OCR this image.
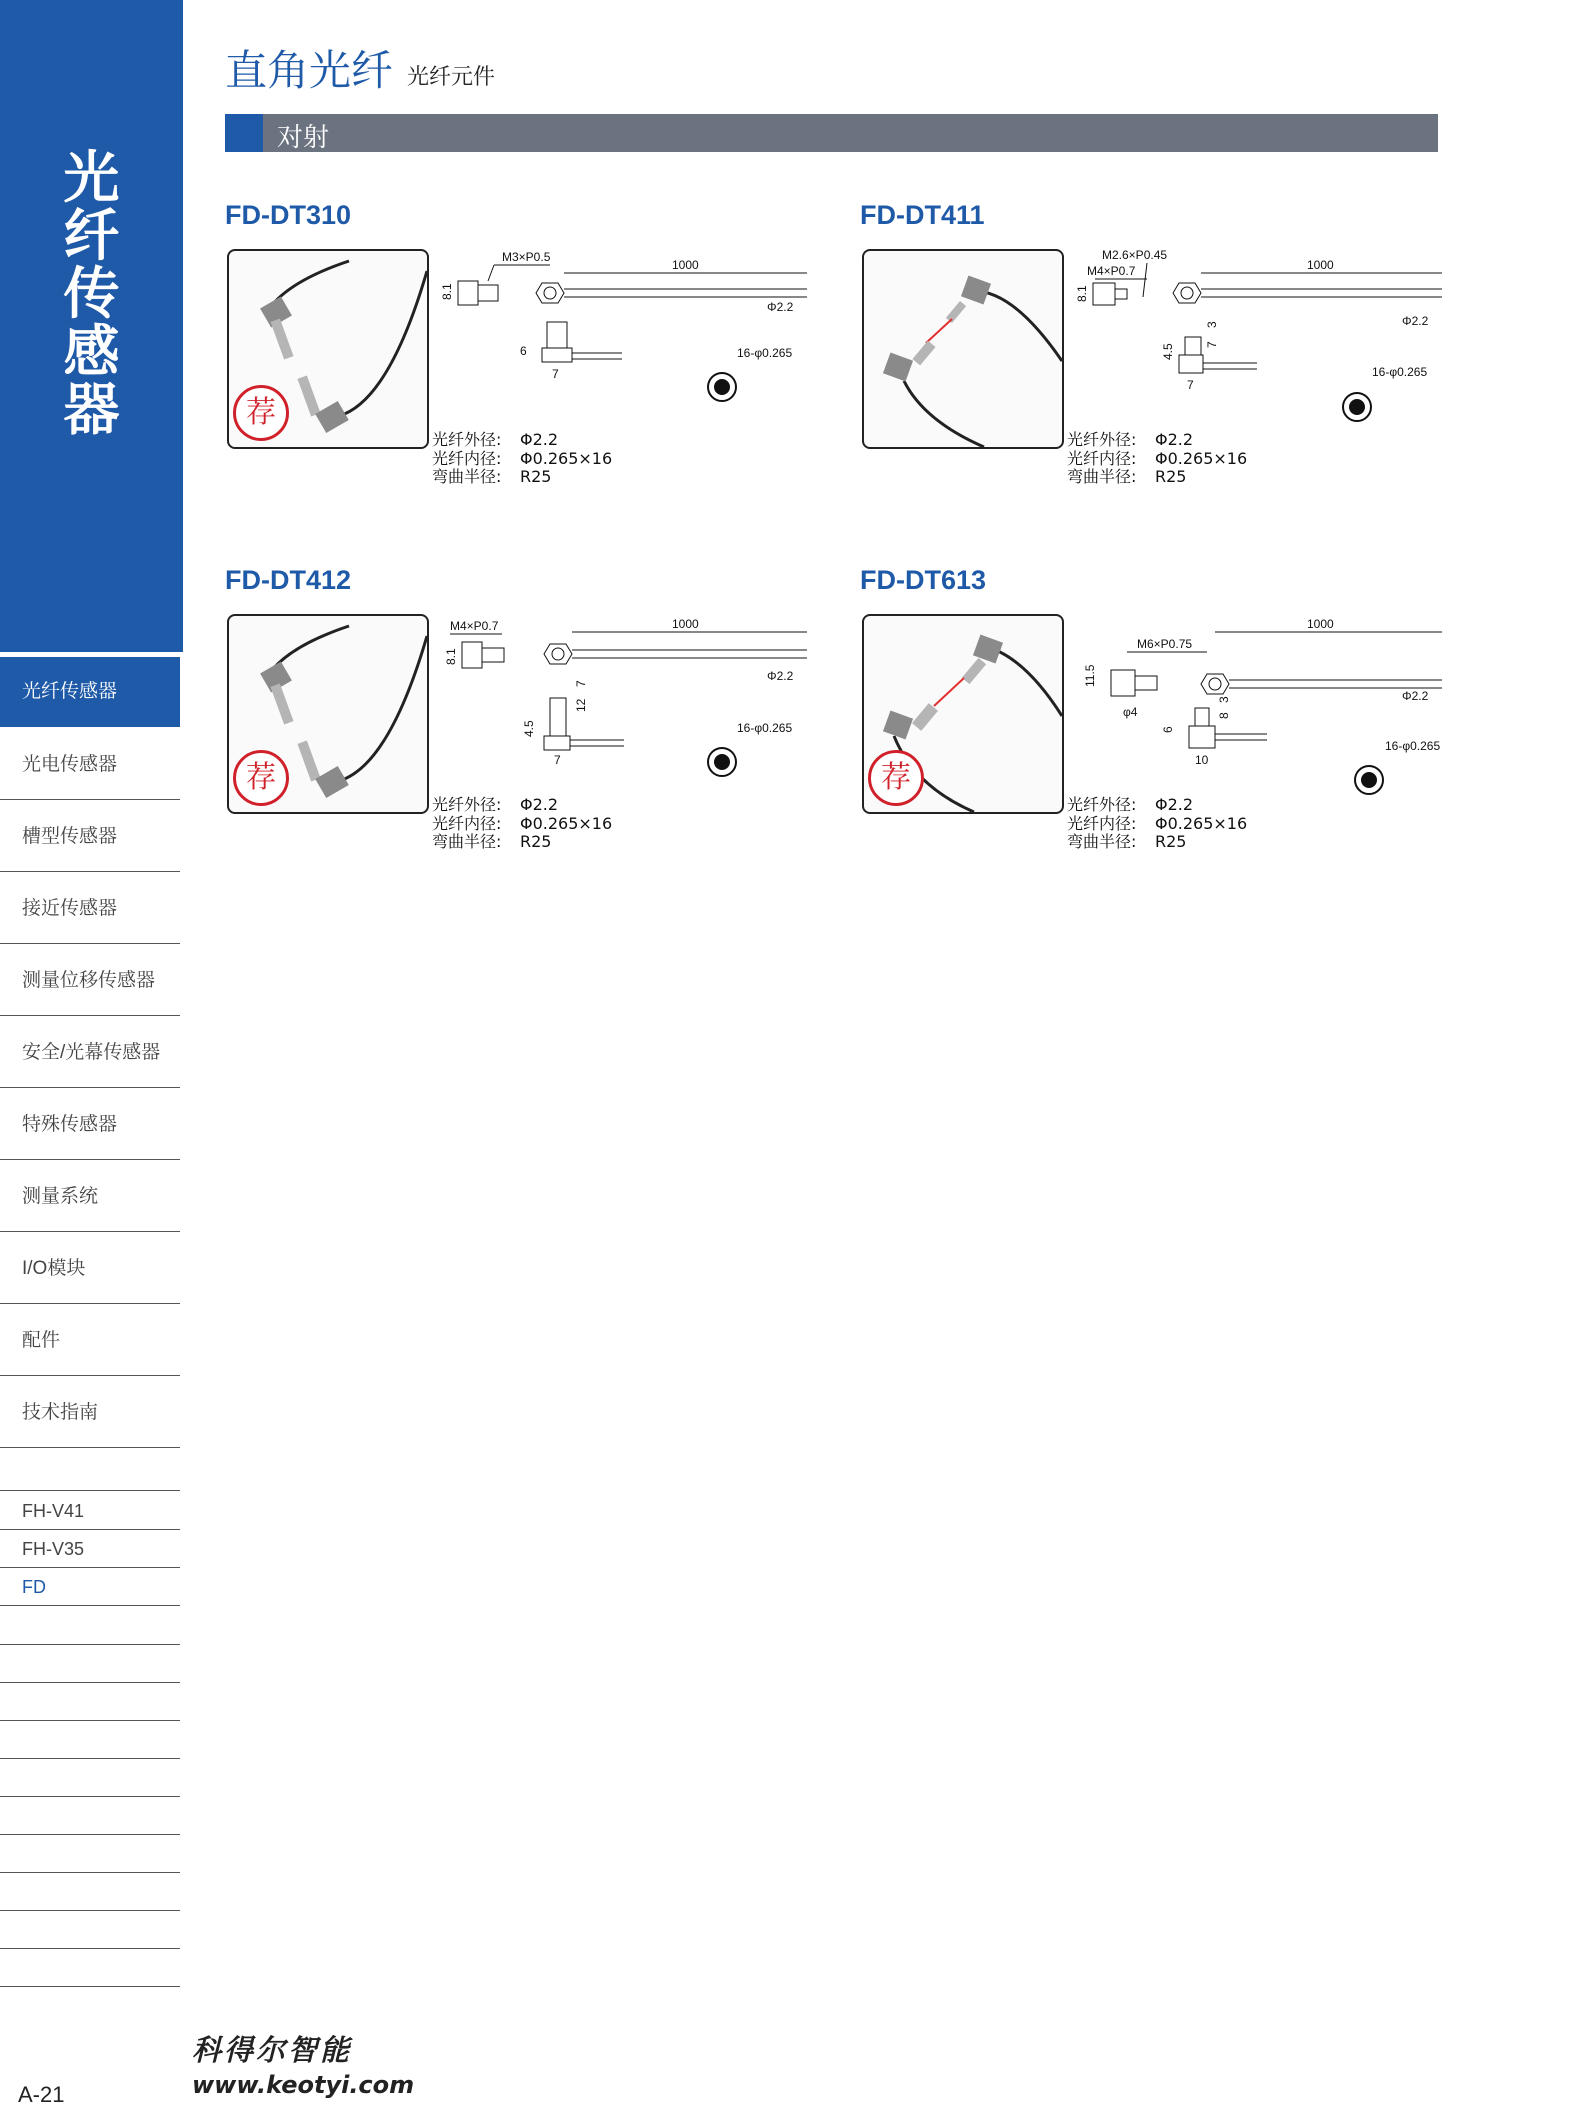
光
纤
传
感
器
光纤传感器
光电传感器
槽型传感器
接近传感器
测量位移传感器
安全/光幕传感器
特殊传感器
测量系统
I/O模块
配件
技术指南
FH-V41
FH-V35
FD
直角光纤 光纤元件
对射
FD-DT310
荐
M3×P0.5
8.1
1000
Φ2.2
6
7
16-φ0.265
光纤外径: Φ2.2
光纤内径: Φ0.265×16
弯曲半径: R25
FD-DT411
M2.6×P0.45
M4×P0.7
8.1
1000
Φ2.2
4.5	7
3
7
16-φ0.265
光纤外径: Φ2.2
光纤内径: Φ0.265×16
弯曲半径: R25
FD-DT412
荐
M4×P0.7
8.1
1000
Φ2.2
4.5
12
7
7
16-φ0.265
光纤外径: Φ2.2
光纤内径: Φ0.265×16
弯曲半径: R25
FD-DT613
荐
M6×P0.75
11.5
φ4
1000
Φ2.2
6
8
3
10
16-φ0.265
光纤外径: Φ2.2
光纤内径: Φ0.265×16
弯曲半径: R25
科得尔智能
www.keotyi.com
A-21
